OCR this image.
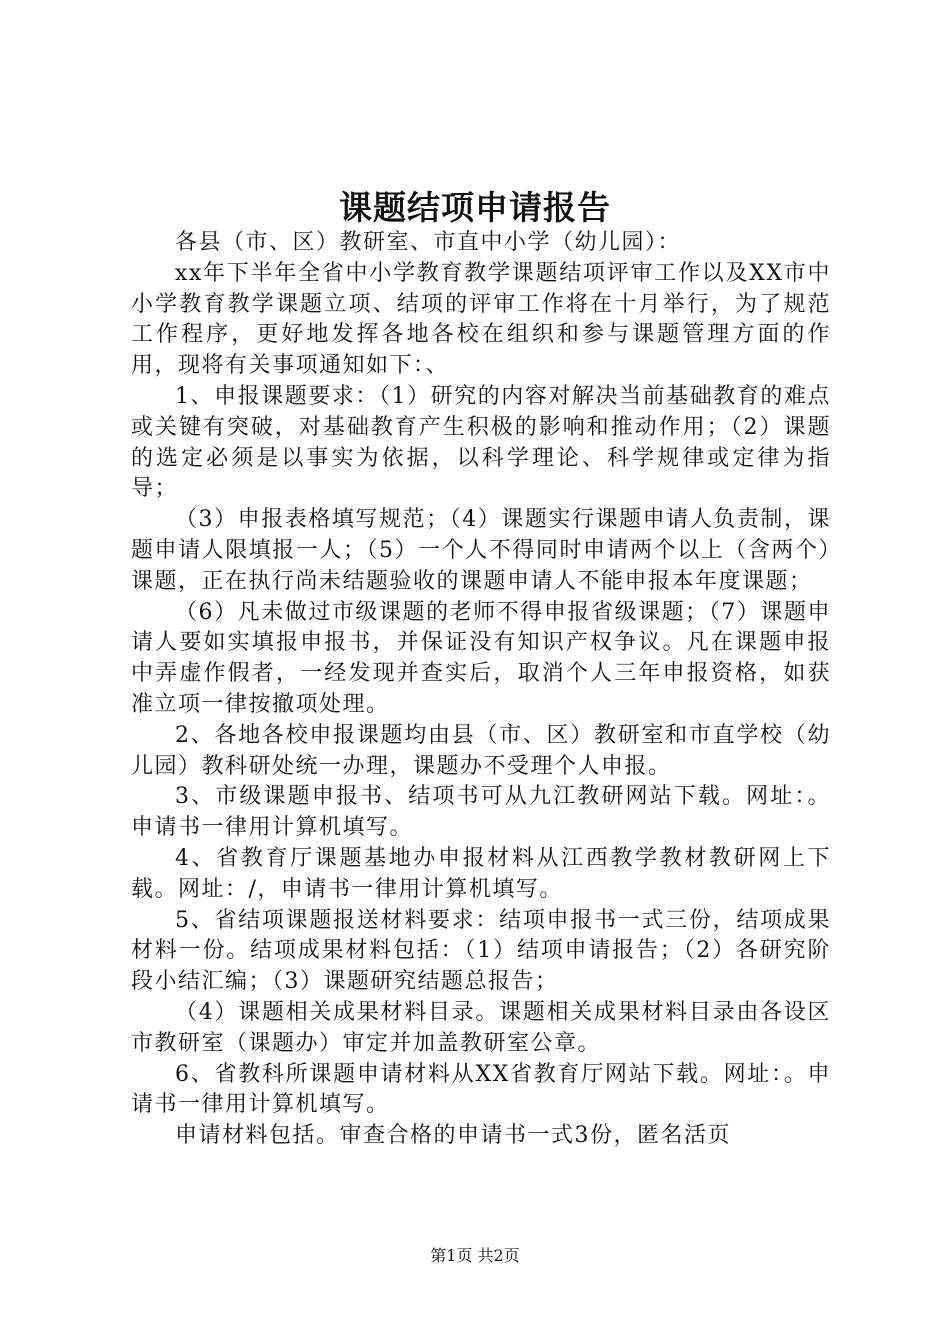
课题结项申请报告

各县（市、区）教研室、市直中小学（幼儿园）：

xx年下半年全省中小学教育教学课题结项评审工作以及XX市中小学教育教学课题立项、结项的评审工作将在十月举行，为了规范工作程序，更好地发挥各地各校在组织和参与课题管理方面的作用，现将有关事项通知如下：、

1、申报课题要求：（1）研究的内容对解决当前基础教育的难点或关键有突破，对基础教育产生积极的影响和推动作用；（2）课题的选定必须是以事实为依据，以科学理论、科学规律或定律为指导；

（3）申报表格填写规范；（4）课题实行课题申请人负责制，课题申请人限填报一人；（5）一个人不得同时申请两个以上（含两个）课题，正在执行尚未结题验收的课题申请人不能申报本年度课题；

（6）凡未做过市级课题的老师不得申报省级课题；（7）课题申请人要如实填报申报书，并保证没有知识产权争议。凡在课题申报中弄虚作假者，一经发现并查实后，取消个人三年申报资格，如获准立项一律按撤项处理。

2、各地各校申报课题均由县（市、区）教研室和市直学校（幼儿园）教科研处统一办理，课题办不受理个人申报。

3、市级课题申报书、结项书可从九江教研网站下载。网址：。申请书一律用计算机填写。

4、省教育厅课题基地办申报材料从江西教学教材教研网上下载。网址：/，申请书一律用计算机填写。

5、省结项课题报送材料要求：结项申报书一式三份，结项成果材料一份。结项成果材料包括：（1）结项申请报告；（2）各研究阶段小结汇编；（3）课题研究结题总报告；

（4）课题相关成果材料目录。课题相关成果材料目录由各设区市教研室（课题办）审定并加盖教研室公章。

6、省教科所课题申请材料从XX省教育厅网站下载。网址：。申请书一律用计算机填写。

申请材料包括。审查合格的申请书一式3份，匿名活页

第1页 共2页
